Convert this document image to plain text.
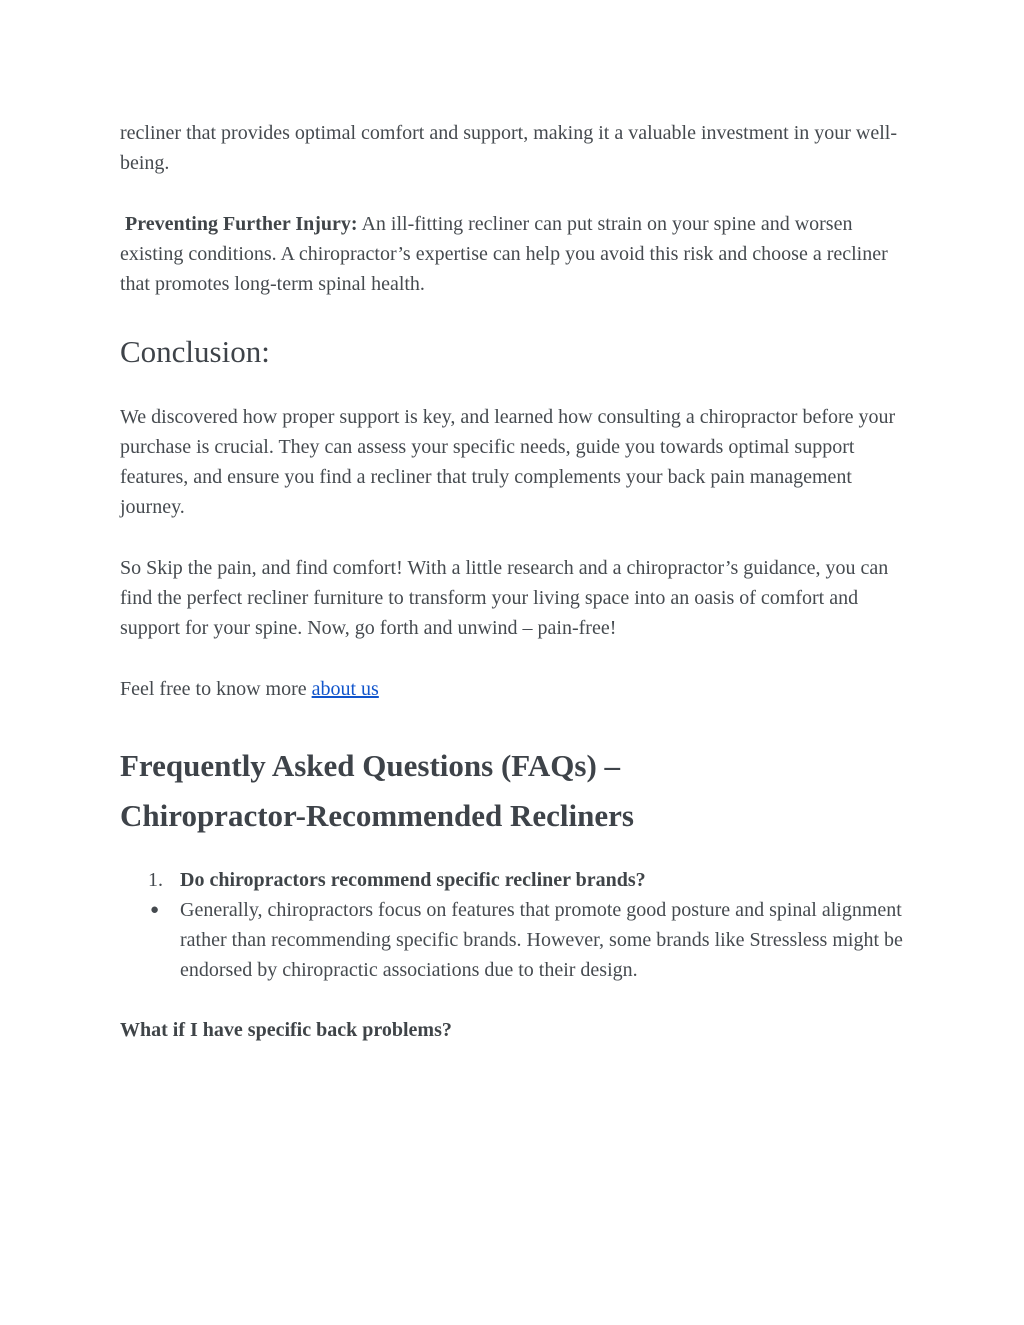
recliner that provides optimal comfort and support, making it a valuable investment in your well-being.

Preventing Further Injury: An ill-fitting recliner can put strain on your spine and worsen existing conditions. A chiropractor’s expertise can help you avoid this risk and choose a recliner that promotes long-term spinal health.

Conclusion:

We discovered how proper support is key, and learned how consulting a chiropractor before your purchase is crucial. They can assess your specific needs, guide you towards optimal support features, and ensure you find a recliner that truly complements your back pain management journey.

So Skip the pain, and find comfort! With a little research and a chiropractor’s guidance, you can find the perfect recliner furniture to transform your living space into an oasis of comfort and support for your spine. Now, go forth and unwind – pain-free!

Feel free to know more about us

Frequently Asked Questions (FAQs) –
Chiropractor-Recommended Recliners
1. Do chiropractors recommend specific recliner brands?
● Generally, chiropractors focus on features that promote good posture and spinal alignment rather than recommending specific brands. However, some brands like Stressless might be endorsed by chiropractic associations due to their design.

What if I have specific back problems?
